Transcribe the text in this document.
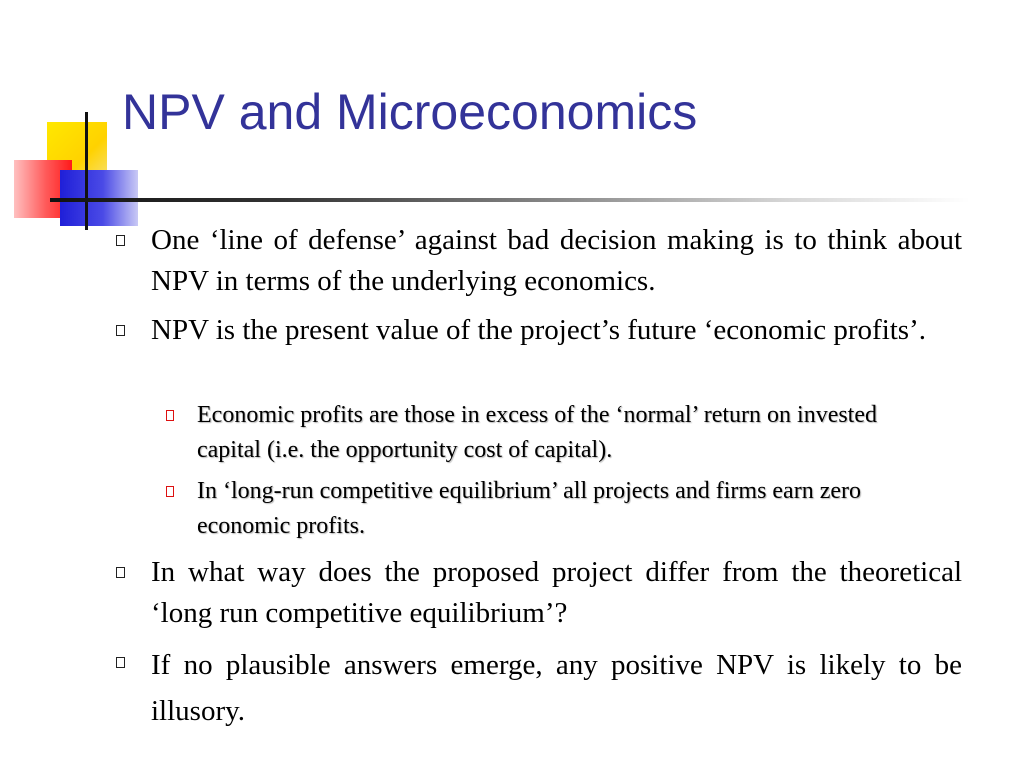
NPV and Microeconomics
One ‘line of defense’ against bad decision making is to think about NPV in terms of the underlying economics.
NPV is the present value of the project’s future ‘economic profits’.
Economic profits are those in excess of the ‘normal’ return on invested capital (i.e. the opportunity cost of capital).
In ‘long-run competitive equilibrium’ all projects and firms earn zero economic profits.
In what way does the proposed project differ from the theoretical ‘long run competitive equilibrium’?
If no plausible answers emerge, any positive NPV is likely to be illusory.
